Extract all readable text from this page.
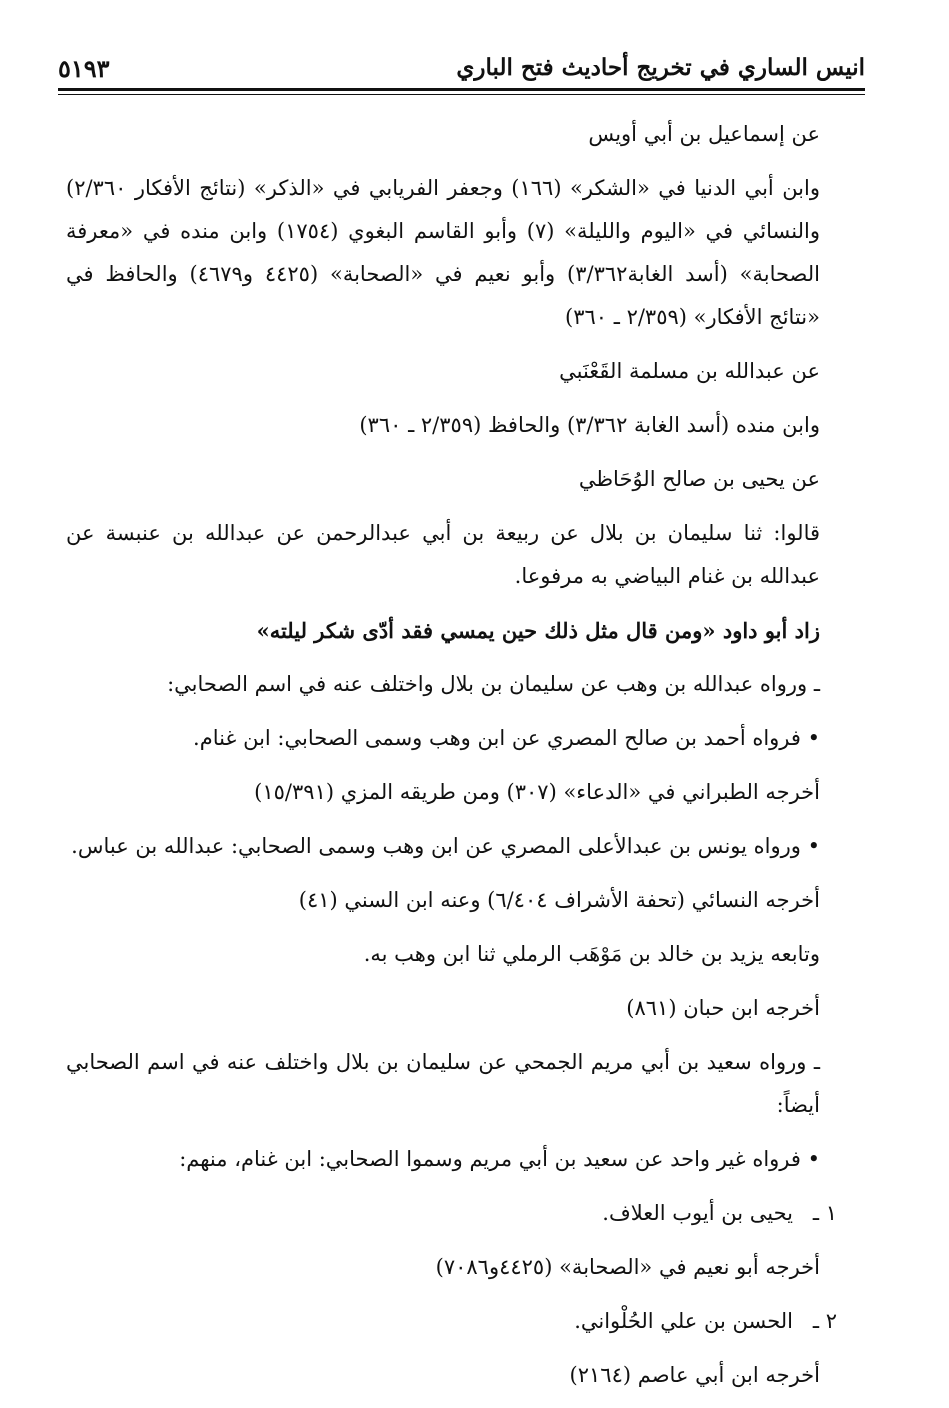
انيس الساري في تخريج أحاديث فتح الباري
٥١٩٣

عن إسماعيل بن أبي أويس

وابن أبي الدنيا في «الشكر» (١٦٦) وجعفر الفريابي في «الذكر» (نتائج الأفكار ٢/٣٦٠) والنسائي في «اليوم والليلة» (٧) وأبو القاسم البغوي (١٧٥٤) وابن منده في «معرفة الصحابة» (أسد الغابة٣/٣٦٢) وأبو نعيم في «الصحابة» (٤٤٢٥ و٤٦٧٩) والحافظ في «نتائج الأفكار» (٢/٣٥٩ ـ ٣٦٠)

عن عبدالله بن مسلمة القَعْنَبي

وابن منده (أسد الغابة ٣/٣٦٢) والحافظ (٢/٣٥٩ ـ ٣٦٠)

عن يحيى بن صالح الوُحَاظي

قالوا: ثنا سليمان بن بلال عن ربيعة بن أبي عبدالرحمن عن عبدالله بن عنبسة عن عبدالله بن غنام البياضي به مرفوعا.

زاد أبو داود «ومن قال مثل ذلك حين يمسي فقد أدّى شكر ليلته»

ـ ورواه عبدالله بن وهب عن سليمان بن بلال واختلف عنه في اسم الصحابي:

• فرواه أحمد بن صالح المصري عن ابن وهب وسمى الصحابي: ابن غنام.

أخرجه الطبراني في «الدعاء» (٣٠٧) ومن طريقه المزي (١٥/٣٩١)

• ورواه يونس بن عبدالأعلى المصري عن ابن وهب وسمى الصحابي: عبدالله بن عباس.

أخرجه النسائي (تحفة الأشراف ٦/٤٠٤) وعنه ابن السني (٤١)

وتابعه يزيد بن خالد بن مَوْهَب الرملي ثنا ابن وهب به.

أخرجه ابن حبان (٨٦١)

ـ ورواه سعيد بن أبي مريم الجمحي عن سليمان بن بلال واختلف عنه في اسم الصحابي أيضاً:

• فرواه غير واحد عن سعيد بن أبي مريم وسموا الصحابي: ابن غنام، منهم:

١ ـيحيى بن أيوب العلاف.

أخرجه أبو نعيم في «الصحابة» (٤٤٢٥و٧٠٨٦)

٢ ـالحسن بن علي الحُلْواني.

أخرجه ابن أبي عاصم (٢١٦٤)
